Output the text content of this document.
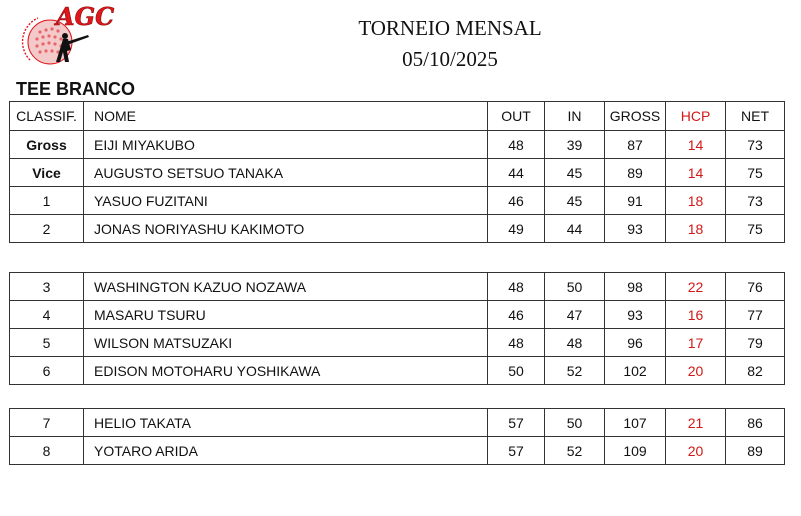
AGC	TORNEIO MENSAL
05/10/2025
TEE BRANCO
CLASSIF.	NOME	OUT	IN	GROSS	HCP	NET
Gross	EIJI MIYAKUBO	48	39	87	14	73
Vice	AUGUSTO SETSUO TANAKA	44	45	89	14	75
1	YASUO FUZITANI	46	45	91	18	73
2	JONAS NORIYASHU KAKIMOTO	49	44	93	18	75
3	WASHINGTON KAZUO NOZAWA	48	50	98	22	76
4	MASARU TSURU	46	47	93	16	77
5	WILSON MATSUZAKI	48	48	96	17	79
6	EDISON MOTOHARU YOSHIKAWA	50	52	102	20	82
7	HELIO TAKATA	57	50	107	21	86
8	YOTARO ARIDA	57	52	109	20	89
